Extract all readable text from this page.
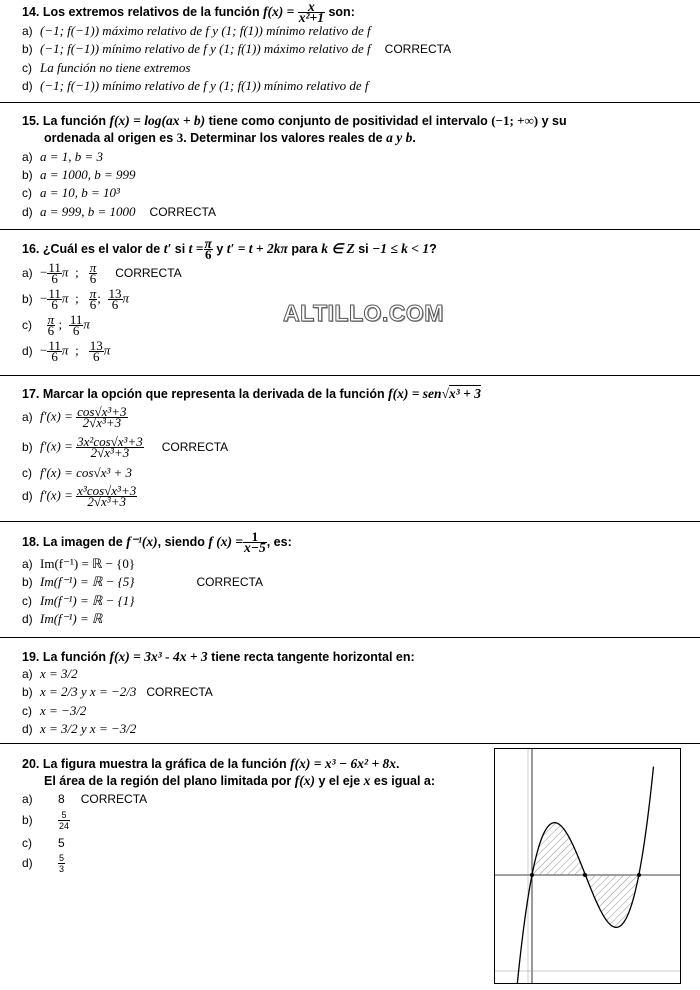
14. Los extremos relativos de la función $f(x) = \frac{x}{\text{x²+1}}$ son:
a) (−1; f(−1)) máximo relativo de f y (1; f(1)) mínimo relativo de f
b) (−1; f(−1)) mínimo relativo de f y (1; f(1)) máximo relativo de f CORRECTA
c) La función no tiene extremos
d) (−1; f(−1)) mínimo relativo de f y (1; f(1)) mínimo relativo de f
15. La función f(x) = log(ax + b) tiene como conjunto de positividad el intervalo (−1; +∞) y su
ordenada al origen es 3. Determinar los valores reales de a y b.
a) a = 1, b = 3
b) a = 1000, b = 999
c) a = 10, b = 10³
d) a = 999, b = 1000 CORRECTA
16. ¿Cuál es el valor de t′ si $t = \frac{\pi}{6}$ y t′ = t + 2kπ para k ∈ Z si −1 ≤ k < 1?
$a) - \frac{11}{6}$ π ; $\frac{\pi}{6}$ CORRECTA
$b) - \frac{11}{6}$ π ; $\frac{\pi}{6}$ ; $\frac{13}{6}$ π
$c) \frac{\pi}{6}$ ; $\frac{11}{6}$ π
$d) - \frac{11}{6}$ π ; $\frac{13}{6}$ π
ALTILLO.COM
17. Marcar la opción que representa la derivada de la función f(x) = sen√x³ + 3
a) $f'(x) = \frac{\text{cos√x³+3}}{\text{2√x³+3}}$
b) $f'(x) = \frac{\text{3x²cos√x³+3}}{\text{2√x³+3}}$ CORRECTA
c) f′(x) = cos√x³ + 3
d) $f'(x) = \frac{\text{x³cos√x³+3}}{\text{2√x³+3}}$
18. La imagen de f⁻¹(x), siendo f $(x) = \frac{1}{x-5}$ , es:
a) Im(f⁻¹) = ℝ − {0}
b) Im(f⁻¹) = ℝ − {5}	CORRECTA
c) Im(f⁻¹) = ℝ − {1}
d) Im(f⁻¹) = ℝ
19. La función f(x) = 3x³ - 4x + 3 tiene recta tangente horizontal en:
a) x = 3/2
b) x = 2/3 y x = −2/3 CORRECTA
c) x = −3/2
d) x = 3/2 y x = −3/2
20. La figura muestra la gráfica de la función f(x) = x³ − 6x² + 8x.
El área de la región del plano limitada por f(x) y el eje x es igual a:
a) 8 CORRECTA
b)	$\frac{5}{24}$
c) 5
d)	$\frac{5}{3}$
